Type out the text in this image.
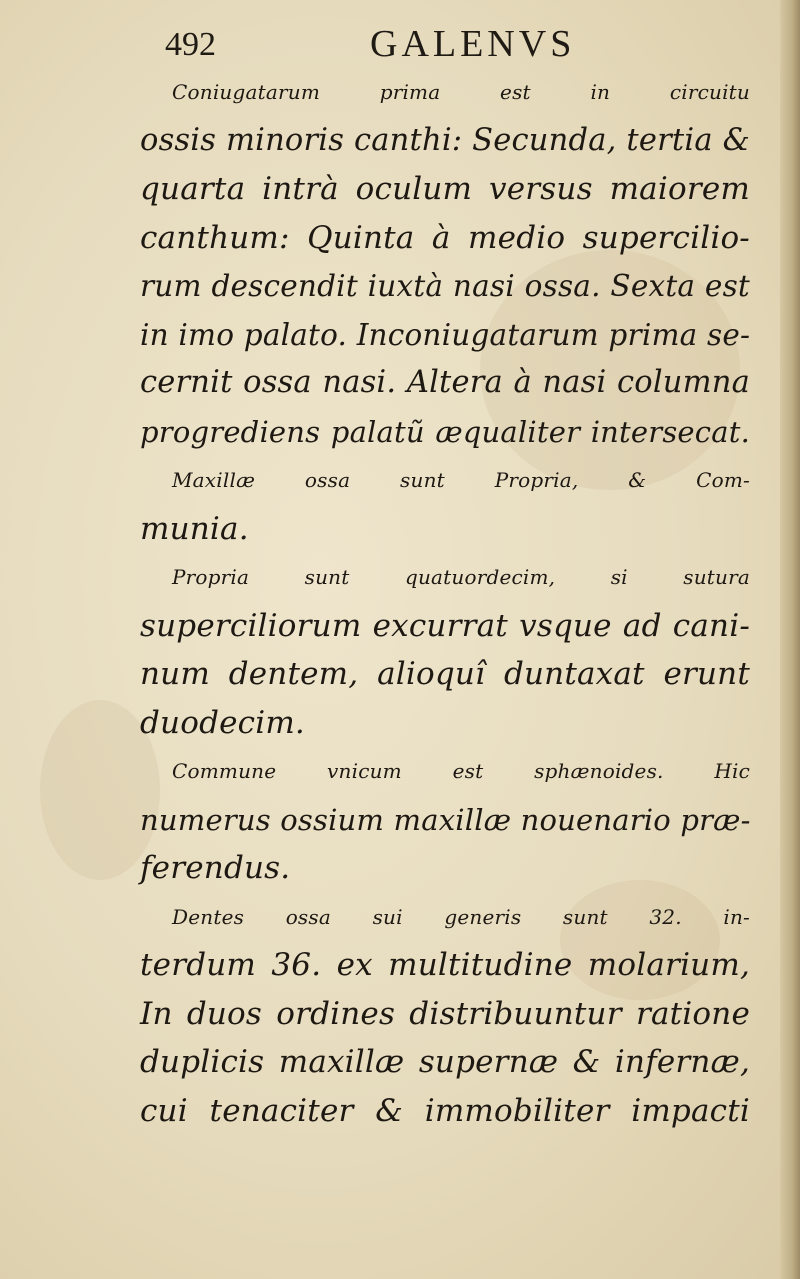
492	GALENVS
Coniugatarum prima est in circuitu
ossis minoris canthi: Secunda, tertia &
quarta intrà oculum versus maiorem
canthum: Quinta à medio supercilio-
rum descendit iuxtà nasi ossa. Sexta est
in imo palato. Inconiugatarum prima se-
cernit ossa nasi. Altera à nasi columna
progrediens palatũ æqualiter intersecat.
Maxillæ ossa sunt Propria, & Com-
munia.
Propria sunt quatuordecim, si sutura
superciliorum excurrat vsque ad cani-
num dentem, alioquî duntaxat erunt
duodecim.
Commune vnicum est sphænoides. Hic
numerus ossium maxillæ nouenario præ-
ferendus.
Dentes ossa sui generis sunt 32. in-
terdum 36. ex multitudine molarium,
In duos ordines distribuuntur ratione
duplicis maxillæ supernæ & infernæ,
cui tenaciter & immobiliter impacti
